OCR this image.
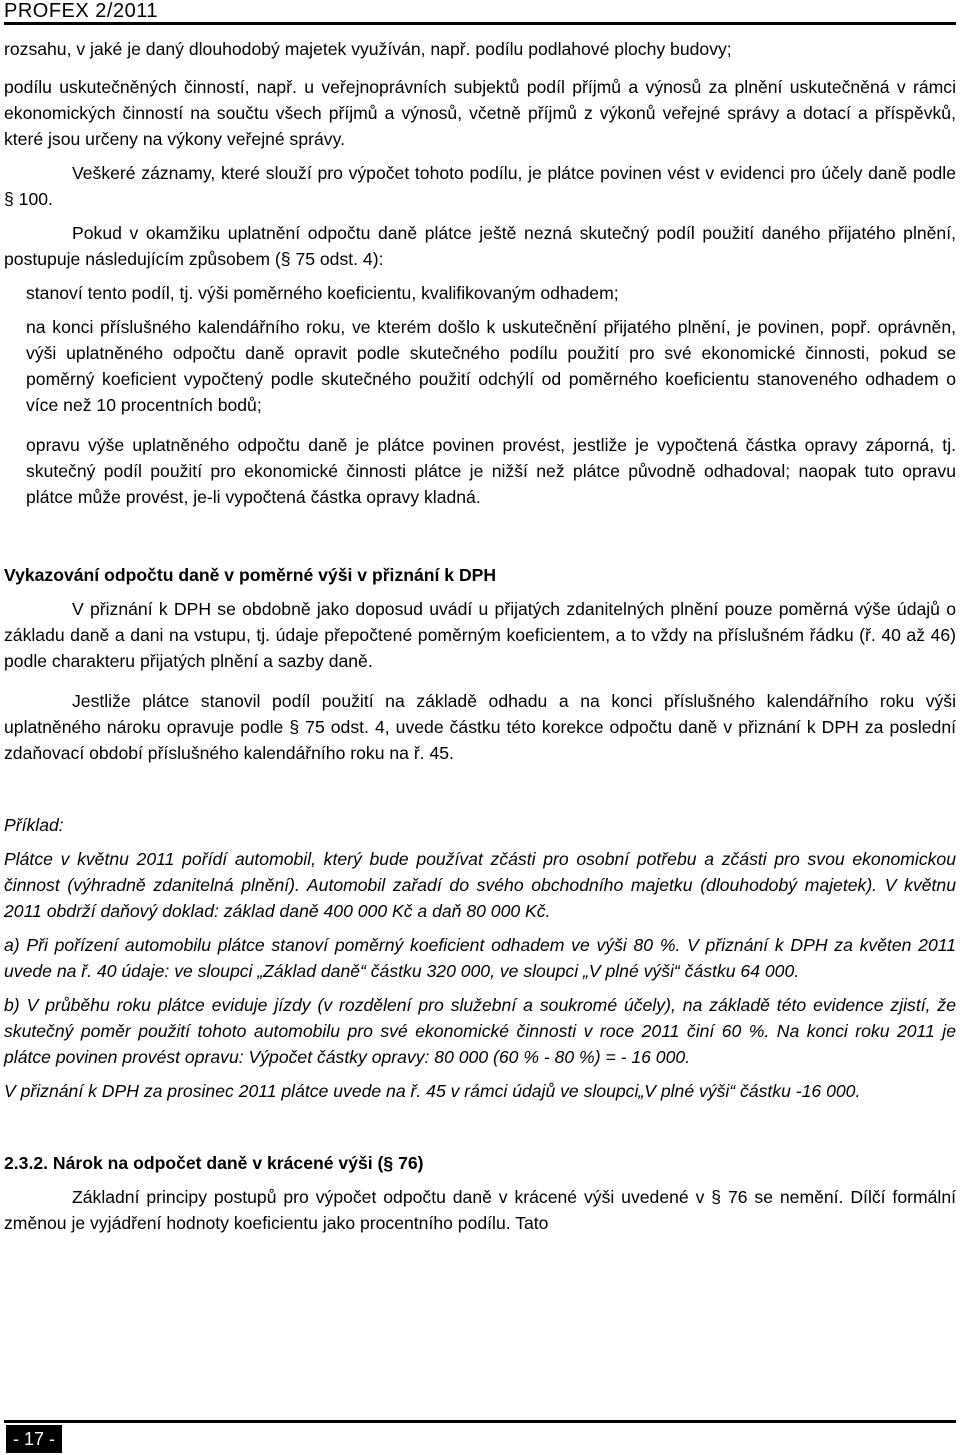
PROFEX 2/2011

rozsahu, v jaké je daný dlouhodobý majetek využíván, např. podílu podlahové plochy budovy;

podílu uskutečněných činností, např. u veřejnoprávních subjektů podíl příjmů a výnosů za plnění uskutečněná v rámci ekonomických činností na součtu všech příjmů a výnosů, včetně příjmů z výkonů veřejné správy a dotací a příspěvků, které jsou určeny na výkony veřejné správy.

Veškeré záznamy, které slouží pro výpočet tohoto podílu, je plátce povinen vést v evidenci pro účely daně podle § 100.

Pokud v okamžiku uplatnění odpočtu daně plátce ještě nezná skutečný podíl použití daného přijatého plnění, postupuje následujícím způsobem (§ 75 odst. 4):

stanoví tento podíl, tj. výši poměrného koeficientu, kvalifikovaným odhadem;

na konci příslušného kalendářního roku, ve kterém došlo k uskutečnění přijatého plnění, je povinen, popř. oprávněn, výši uplatněného odpočtu daně opravit podle skutečného podílu použití pro své ekonomické činnosti, pokud se poměrný koeficient vypočtený podle skutečného použití odchýlí od poměrného koeficientu stanoveného odhadem o více než 10 procentních bodů;

opravu výše uplatněného odpočtu daně je plátce povinen provést, jestliže je vypočtená částka opravy záporná, tj. skutečný podíl použití pro ekonomické činnosti plátce je nižší než plátce původně odhadoval; naopak tuto opravu plátce může provést, je-li vypočtená částka opravy kladná.

Vykazování odpočtu daně v poměrné výši v přiznání k DPH

V přiznání k DPH se obdobně jako doposud uvádí u přijatých zdanitelných plnění pouze poměrná výše údajů o základu daně a dani na vstupu, tj. údaje přepočtené poměrným koeficientem, a to vždy na příslušném řádku (ř. 40 až 46) podle charakteru přijatých plnění a sazby daně.

Jestliže plátce stanovil podíl použití na základě odhadu a na konci příslušného kalendářního roku výši uplatněného nároku opravuje podle § 75 odst. 4, uvede částku této korekce odpočtu daně v přiznání k DPH za poslední zdaňovací období příslušného kalendářního roku na ř. 45.

Příklad:

Plátce v květnu 2011 pořídí automobil, který bude používat zčásti pro osobní potřebu a zčásti pro svou ekonomickou činnost (výhradně zdanitelná plnění). Automobil zařadí do svého obchodního majetku (dlouhodobý majetek). V květnu 2011 obdrží daňový doklad: základ daně 400 000 Kč a daň 80 000 Kč.

a) Při pořízení automobilu plátce stanoví poměrný koeficient odhadem ve výši 80 %. V přiznání k DPH za květen 2011 uvede na ř. 40 údaje: ve sloupci „Základ daně“ částku 320 000, ve sloupci „V plné výši“ částku 64 000.

b) V průběhu roku plátce eviduje jízdy (v rozdělení pro služební a soukromé účely), na základě této evidence zjistí, že skutečný poměr použití tohoto automobilu pro své ekonomické činnosti v roce 2011 činí 60 %. Na konci roku 2011 je plátce povinen provést opravu: Výpočet částky opravy: 80 000 (60 % - 80 %) = - 16 000.

V přiznání k DPH za prosinec 2011 plátce uvede na ř. 45 v rámci údajů ve sloupci„V plné výši“ částku -16 000.

2.3.2. Nárok na odpočet daně v krácené výši (§ 76)

Základní principy postupů pro výpočet odpočtu daně v krácené výši uvedené v § 76 se nemění. Dílčí formální změnou je vyjádření hodnoty koeficientu jako procentního podílu. Tato

- 17 -
